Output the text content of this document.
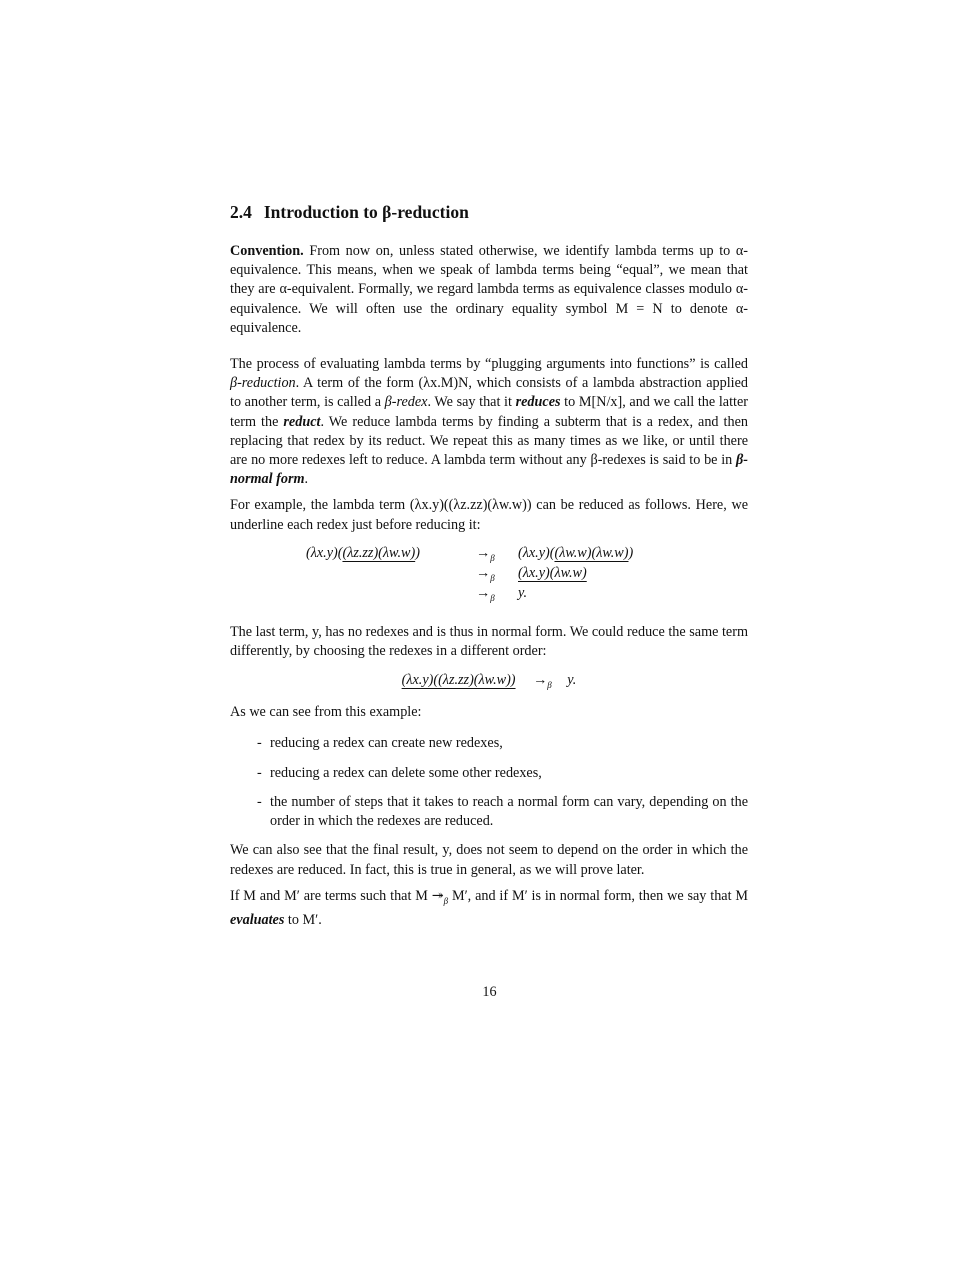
2.4 Introduction to β-reduction

Convention. From now on, unless stated otherwise, we identify lambda terms up to α-equivalence. This means, when we speak of lambda terms being “equal”, we mean that they are α-equivalent. Formally, we regard lambda terms as equivalence classes modulo α-equivalence. We will often use the ordinary equality symbol M = N to denote α-equivalence.

The process of evaluating lambda terms by “plugging arguments into functions” is called β-reduction. A term of the form (λx.M)N, which consists of a lambda abstraction applied to another term, is called a β-redex. We say that it reduces to M[N/x], and we call the latter term the reduct. We reduce lambda terms by finding a subterm that is a redex, and then replacing that redex by its reduct. We repeat this as many times as we like, or until there are no more redexes left to reduce. A lambda term without any β-redexes is said to be in β-normal form.

For example, the lambda term (λx.y)((λz.zz)(λw.w)) can be reduced as follows. Here, we underline each redex just before reducing it:

(λx.y)((λz.zz)(λw.w))	$\to_\beta$ (λx.y)((λw.w)(λw.w))
$\to_\beta$ (λx.y)(λw.w)
$\to_\beta$ y.

The last term, y, has no redexes and is thus in normal form. We could reduce the same term differently, by choosing the redexes in a different order:

$(\lambda x.y)((\lambda z.zz)(\lambda w.w)) \to_\beta$ y.

As we can see from this example:

- reducing a redex can create new redexes,
- reducing a redex can delete some other redexes,
- the number of steps that it takes to reach a normal form can vary, depending on the order in which the redexes are reduced.

We can also see that the final result, y, does not seem to depend on the order in which the redexes are reduced. In fact, this is true in general, as we will prove later.

If M and M′ are terms such that M $↠_\beta$ M′, and if M′ is in normal form, then we say that M evaluates to M′.

16
